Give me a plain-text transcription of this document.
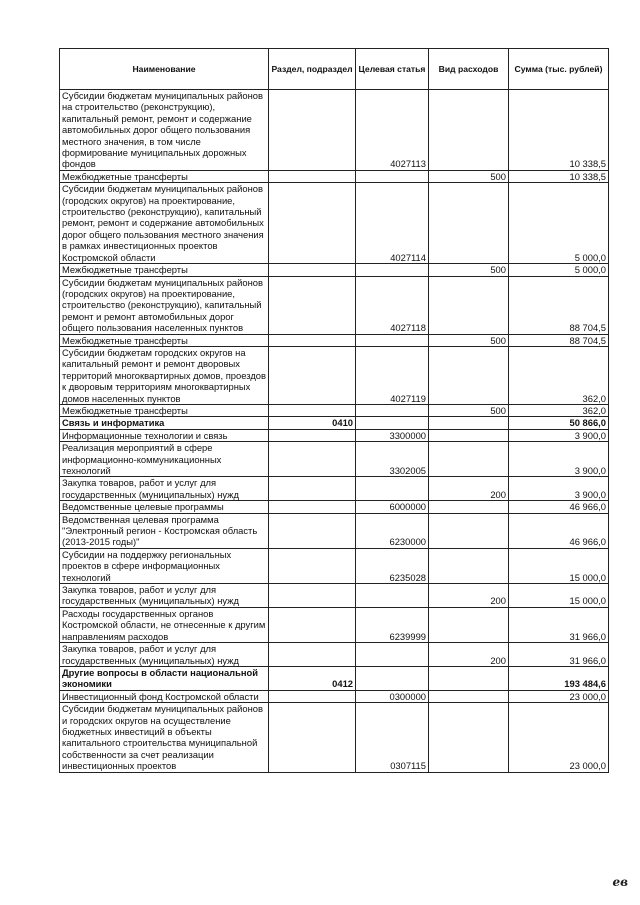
Наименование	Раздел, подраздел	Целевая статья	Вид расходов	Сумма (тыс. рублей)
Субсидии бюджетам муниципальных районов на строительство (реконструкцию), капитальный ремонт, ремонт и содержание автомобильных дорог общего пользования местного значения, в том числе формирование муниципальных дорожных фондов		4027113		10 338,5
Межбюджетные трансферты			500	10 338,5
Субсидии бюджетам муниципальных районов (городских округов) на проектирование, строительство (реконструкцию), капитальный ремонт, ремонт и содержание автомобильных дорог общего пользования местного значения в рамках инвестиционных проектов Костромской области		4027114		5 000,0
Межбюджетные трансферты			500	5 000,0
Субсидии бюджетам муниципальных районов (городских округов) на проектирование, строительство (реконструкцию), капитальный ремонт и ремонт автомобильных дорог общего пользования населенных пунктов		4027118		88 704,5
Межбюджетные трансферты			500	88 704,5
Субсидии бюджетам городских округов на капитальный ремонт и ремонт дворовых территорий многоквартирных домов, проездов к дворовым территориям многоквартирных домов населенных пунктов		4027119		362,0
Межбюджетные трансферты			500	362,0
Связь и информатика	0410			50 866,0
Информационные технологии и связь		3300000		3 900,0
Реализация мероприятий в сфере информационно-коммуникационных технологий		3302005		3 900,0
Закупка товаров, работ и услуг для государственных (муниципальных) нужд			200	3 900,0
Ведомственные целевые программы		6000000		46 966,0
Ведомственная целевая программа "Электронный регион - Костромская область (2013-2015 годы)"		6230000		46 966,0
Субсидии на поддержку региональных проектов в сфере информационных технологий		6235028		15 000,0
Закупка товаров, работ и услуг для государственных (муниципальных) нужд			200	15 000,0
Расходы государственных органов Костромской области, не отнесенные к другим направлениям расходов		6239999		31 966,0
Закупка товаров, работ и услуг для государственных (муниципальных) нужд			200	31 966,0
Другие вопросы в области национальной экономики	0412			193 484,6
Инвестиционный фонд Костромской области		0300000		23 000,0
Субсидии бюджетам муниципальных районов и городских округов на осуществление бюджетных инвестиций в объекты капитального строительства муниципальной собственности за счет реализации инвестиционных проектов		0307115		23 000,0
ев
